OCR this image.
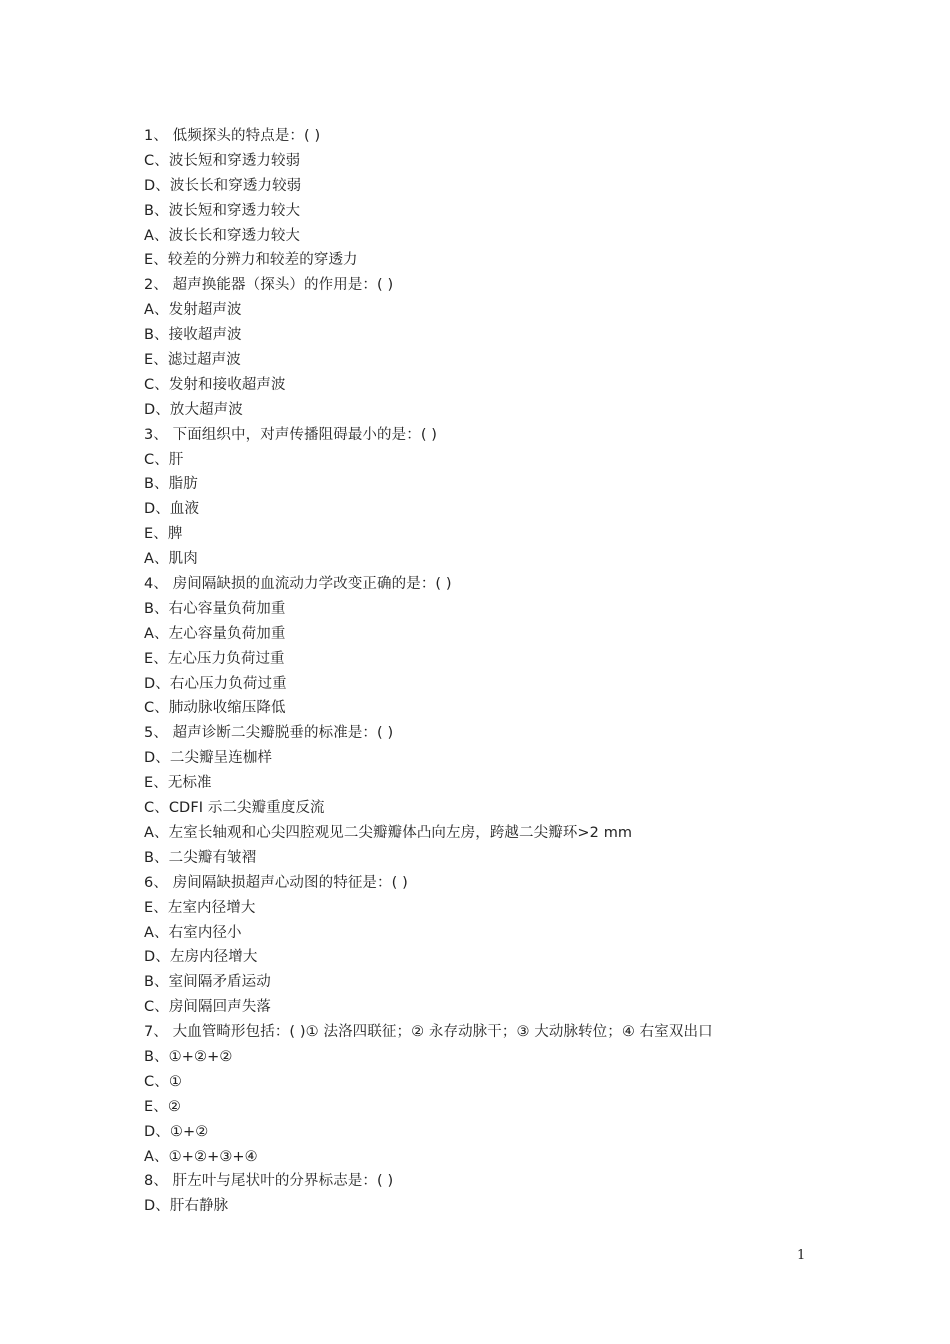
1、 低频探头的特点是：( )
C、波长短和穿透力较弱
D、波长长和穿透力较弱
B、波长短和穿透力较大
A、波长长和穿透力较大
E、较差的分辨力和较差的穿透力
2、 超声换能器（探头）的作用是：( )
A、发射超声波
B、接收超声波
E、滤过超声波
C、发射和接收超声波
D、放大超声波
3、 下面组织中，对声传播阻碍最小的是：( )
C、肝
B、脂肪
D、血液
E、脾
A、肌肉
4、 房间隔缺损的血流动力学改变正确的是：( )
B、右心容量负荷加重
A、左心容量负荷加重
E、左心压力负荷过重
D、右心压力负荷过重
C、肺动脉收缩压降低
5、 超声诊断二尖瓣脱垂的标准是：( )
D、二尖瓣呈连枷样
E、无标准
C、CDFI 示二尖瓣重度反流
A、左室长轴观和心尖四腔观见二尖瓣瓣体凸向左房，跨越二尖瓣环>2 mm
B、二尖瓣有皱褶
6、 房间隔缺损超声心动图的特征是：( )
E、左室内径增大
A、右室内径小
D、左房内径增大
B、室间隔矛盾运动
C、房间隔回声失落
7、 大血管畸形包括：( )① 法洛四联征；② 永存动脉干；③ 大动脉转位；④ 右室双出口
B、①+②+②
C、①
E、②
D、①+②
A、①+②+③+④
8、 肝左叶与尾状叶的分界标志是：( )
D、肝右静脉
1
